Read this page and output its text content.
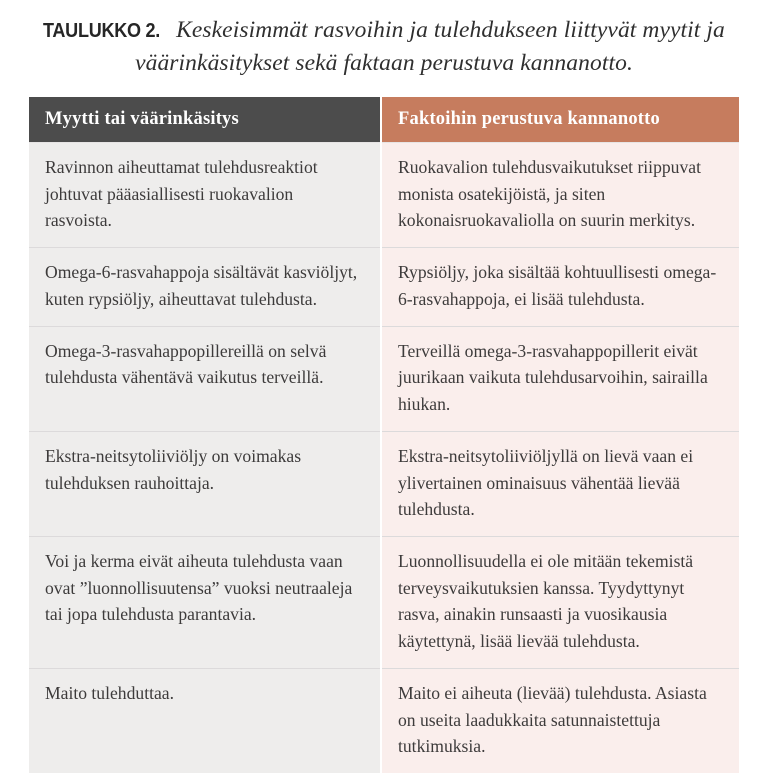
TAULUKKO 2.Keskeisimmät rasvoihin ja tulehdukseen liittyvät myytit ja väärinkäsitykset sekä faktaan perustuva kannanotto.
Myytti tai väärinkäsitys	Faktoihin perustuva kannanotto
Ravinnon aiheuttamat tulehdusreaktiot johtuvat pääasiallisesti ruokavalion rasvoista.	Ruokavalion tulehdusvaikutukset riippuvat monista osatekijöistä, ja siten kokonaisruokavaliolla on suurin merkitys.
Omega-6-rasvahappoja sisältävät kasviöljyt, kuten rypsiöljy, aiheuttavat tulehdusta.	Rypsiöljy, joka sisältää kohtuullisesti omega-6-rasvahappoja, ei lisää tulehdusta.
Omega-3-rasvahappopillereillä on selvä tulehdusta vähentävä vaikutus terveillä.	Terveillä omega-3-rasvahappopillerit eivät juurikaan vaikuta tulehdusarvoihin, sairailla hiukan.
Ekstra-neitsytoliiviöljy on voimakas tulehduksen rauhoittaja.	Ekstra-neitsytoliiviöljyllä on lievä vaan ei ylivertainen ominaisuus vähentää lievää tulehdusta.
Voi ja kerma eivät aiheuta tulehdusta vaan ovat ”luonnollisuutensa” vuoksi neutraaleja tai jopa tulehdusta parantavia.	Luonnollisuudella ei ole mitään tekemistä terveysvaikutuksien kanssa. Tyydyttynyt rasva, ainakin runsaasti ja vuosikausia käytettynä, lisää lievää tulehdusta.
Maito tulehduttaa.	Maito ei aiheuta (lievää) tulehdusta. Asiasta on useita laadukkaita satunnaistettuja tutkimuksia.
